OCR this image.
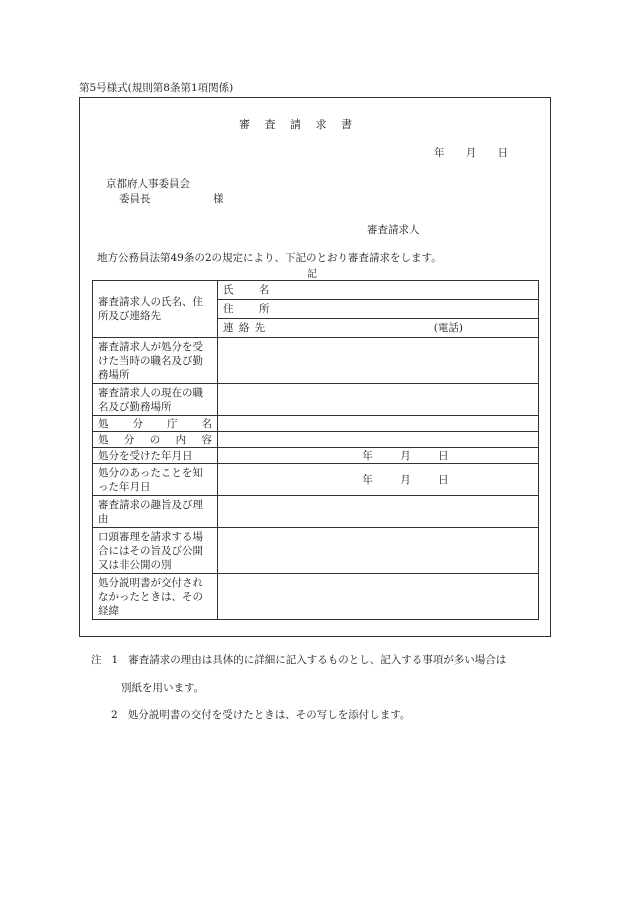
第5号様式(規則第8条第1項関係)
審査請求書
年 月 日
京都府人事委員会
委員長	様
審査請求人
地方公務員法第49条の2の規定により、下記のとおり審査請求をします。
記
審査請求人の氏名、住所及び連絡先	氏 名
	住 所
	連 絡 先 (電話)

審査請求人が処分を受けた当時の職名及び勤務場所	
審査請求人の現在の職名及び勤務場所	
処 分 庁 名	
処 分 の 内 容	
処分を受けた年月日	年 月 日
処分のあったことを知った年月日	年 月 日
審査請求の趣旨及び理由	
口頭審理を請求する場合にはその旨及び公開又は非公開の別	
処分説明書が交付されなかったときは、その経緯	
注 1 審査請求の理由は具体的に詳細に記入するものとし、記入する事項が多い場合は
別紙を用います。
2 処分説明書の交付を受けたときは、その写しを添付します。
